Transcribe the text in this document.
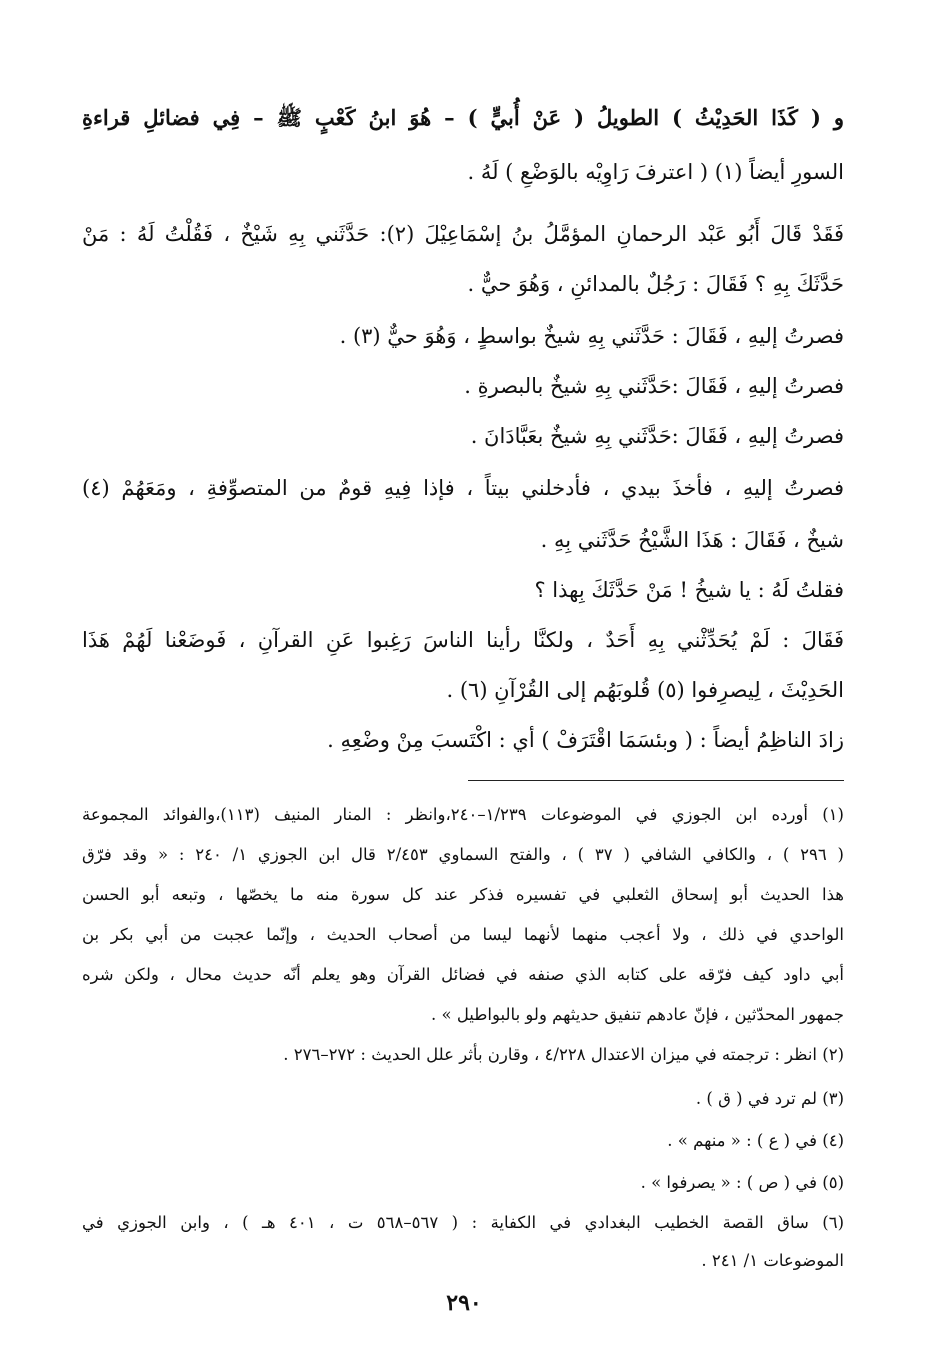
و ( كَذَا الحَدِيْثُ ) الطويلُ ( عَنْ أُبيٍّ ) – هُوَ ابنُ كَعْبٍ ﷺ – فِي فضائلِ قراءةِ
السورِ أيضاً (١) ( اعترفَ رَاوِيْه بالوَضْعِ ) لَهُ .
فَقَدْ قَالَ أَبُو عَبْد الرحمانِ المؤمَّلُ بنُ إسْمَاعِيْلَ (٢): حَدَّثَني بِهِ شَيْخٌ ، فَقُلْتُ لَهُ : مَنْ
حَدَّثَكَ بِهِ ؟ فَقَالَ : رَجُلٌ بالمدائنِ ، وَهُوَ حيٌّ .
فصرتُ إليهِ ، فَقَالَ : حَدَّثَني بِهِ شيخٌ بواسطٍ ، وَهُوَ حيٌّ (٣) .
فصرتُ إليهِ ، فَقَالَ :حَدَّثَني بِهِ شيخٌ بالبصرةِ .
فصرتُ إليهِ ، فَقَالَ :حَدَّثَني بِهِ شيخٌ بعَبَّادَانَ .
فصرتُ إليهِ ، فأخذَ بيدي ، فأدخلني بيتاً ، فإذا فِيهِ قومٌ من المتصوِّفةِ ، ومَعَهُمْ (٤)
شيخٌ ، فَقَالَ : هَذَا الشَّيْخُ حَدَّثَني بِهِ .
فقلتُ لَهُ : يا شيخُ ! مَنْ حَدَّثَكَ بِهذا ؟
فَقَالَ : لَمْ يُحَدِّثْني بِهِ أَحَدٌ ، ولكنَّا رأينا الناسَ رَغِبوا عَنِ القرآنِ ، فَوضَعْنا لَهُمْ هَذَا
الحَدِيْثَ ، لِيصرِفوا (٥) قُلوبَهُم إلى القُرْآنِ (٦) .
زادَ الناظِمُ أيضاً : ( وبئسَمَا اقْتَرَفْ ) أي : اكْتَسبَ مِنْ وضْعِهِ .
(١) أورده ابن الجوزي في الموضوعات ١/٢٣٩–٢٤٠،وانظر : المنار المنيف (١١٣)،والفوائد المجموعة
( ٢٩٦ ) ، والكافي الشافي ( ٣٧ ) ، والفتح السماوي ٢/٤٥٣ قال ابن الجوزي ١/ ٢٤٠ : « وقد فرّق
هذا الحديث أبو إسحاق الثعلبي في تفسيره فذكر عند كل سورة منه ما يخصّها ، وتبعه أبو الحسن
الواحدي في ذلك ، ولا أعجب منهما لأنهما ليسا من أصحاب الحديث ، وإنّما عجبت من أبي بكر بن
أبي داود كيف فرّقه على كتابه الذي صنفه في فضائل القرآن وهو يعلم أنّه حديث محال ، ولكن شره
جمهور المحدّثين ، فإنّ عادهم تنفيق حديثهم ولو بالبواطيل » .
(٢) انظر : ترجمته في ميزان الاعتدال ٤/٢٢٨ ، وقارن بأثر علل الحديث : ٢٧٢–٢٧٦ .
(٣) لم ترد في ( ق ) .
(٤) في ( ع ) : « منهم » .
(٥) في ( ص ) : « يصرفوا » .
(٦) ساق القصة الخطيب البغدادي في الكفاية : ( ٥٦٧–٥٦٨ ت ، ٤٠١ هـ ) ، وابن الجوزي في
الموضوعات ١/ ٢٤١ .
٢٩٠
